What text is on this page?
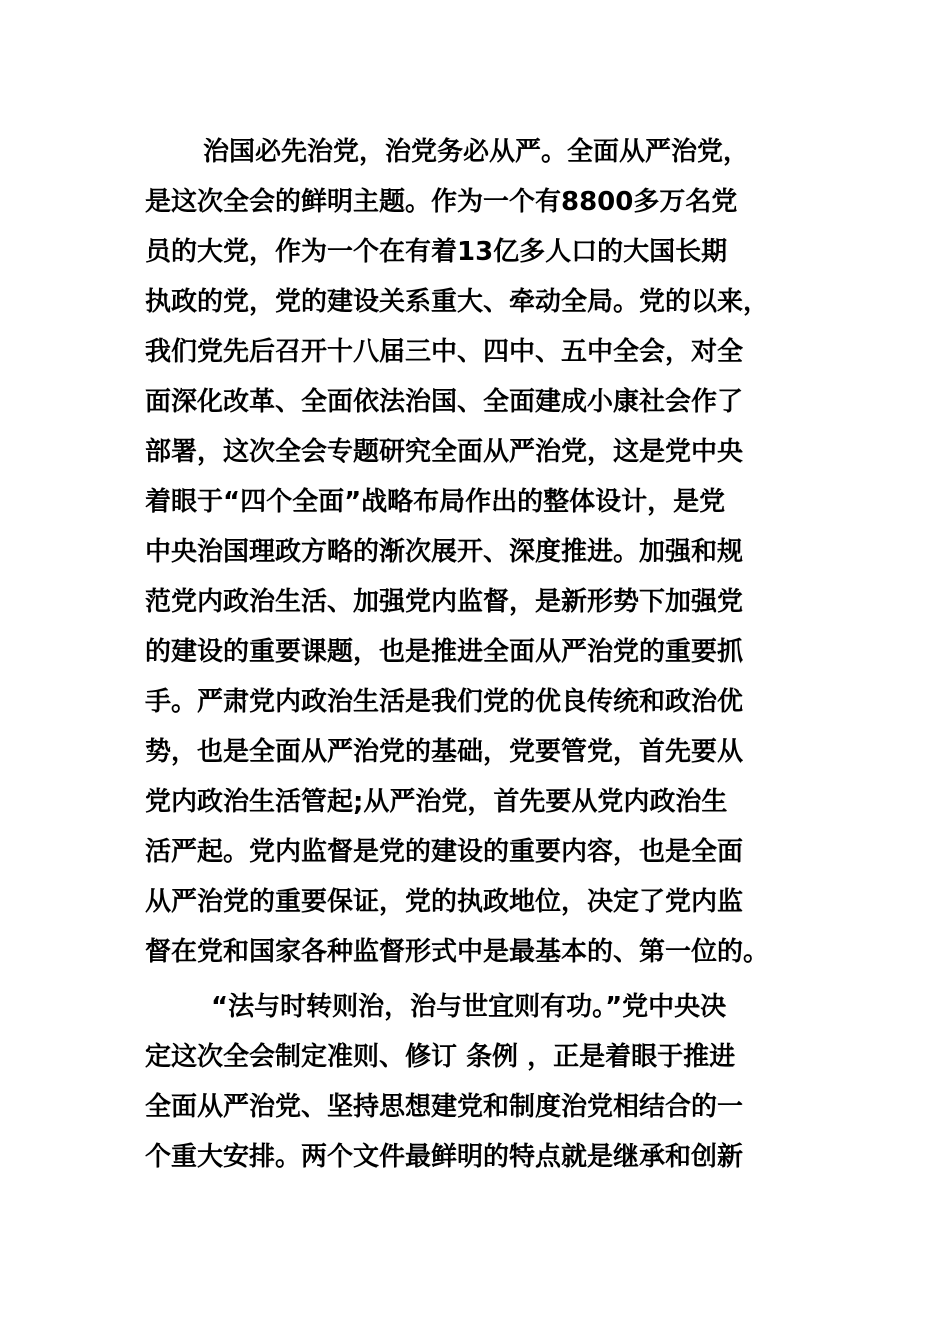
治国必先治党，治党务必从严。全面从严治党，
是这次全会的鲜明主题。作为一个有8800多万名党
员的大党，作为一个在有着13亿多人口的大国长期
执政的党，党的建设关系重大、牵动全局。党的以来，
我们党先后召开十八届三中、四中、五中全会，对全
面深化改革、全面依法治国、全面建成小康社会作了
部署，这次全会专题研究全面从严治党，这是党中央
着眼于“四个全面”战略布局作出的整体设计，是党
中央治国理政方略的渐次展开、深度推进。加强和规
范党内政治生活、加强党内监督，是新形势下加强党
的建设的重要课题，也是推进全面从严治党的重要抓
手。严肃党内政治生活是我们党的优良传统和政治优
势，也是全面从严治党的基础，党要管党，首先要从
党内政治生活管起;从严治党，首先要从党内政治生
活严起。党内监督是党的建设的重要内容，也是全面
从严治党的重要保证，党的执政地位，决定了党内监
督在党和国家各种监督形式中是最基本的、第一位的。
“法与时转则治，治与世宜则有功。”党中央决
定这次全会制定准则、修订 条例 ，正是着眼于推进
全面从严治党、坚持思想建党和制度治党相结合的一
个重大安排。两个文件最鲜明的特点就是继承和创新
